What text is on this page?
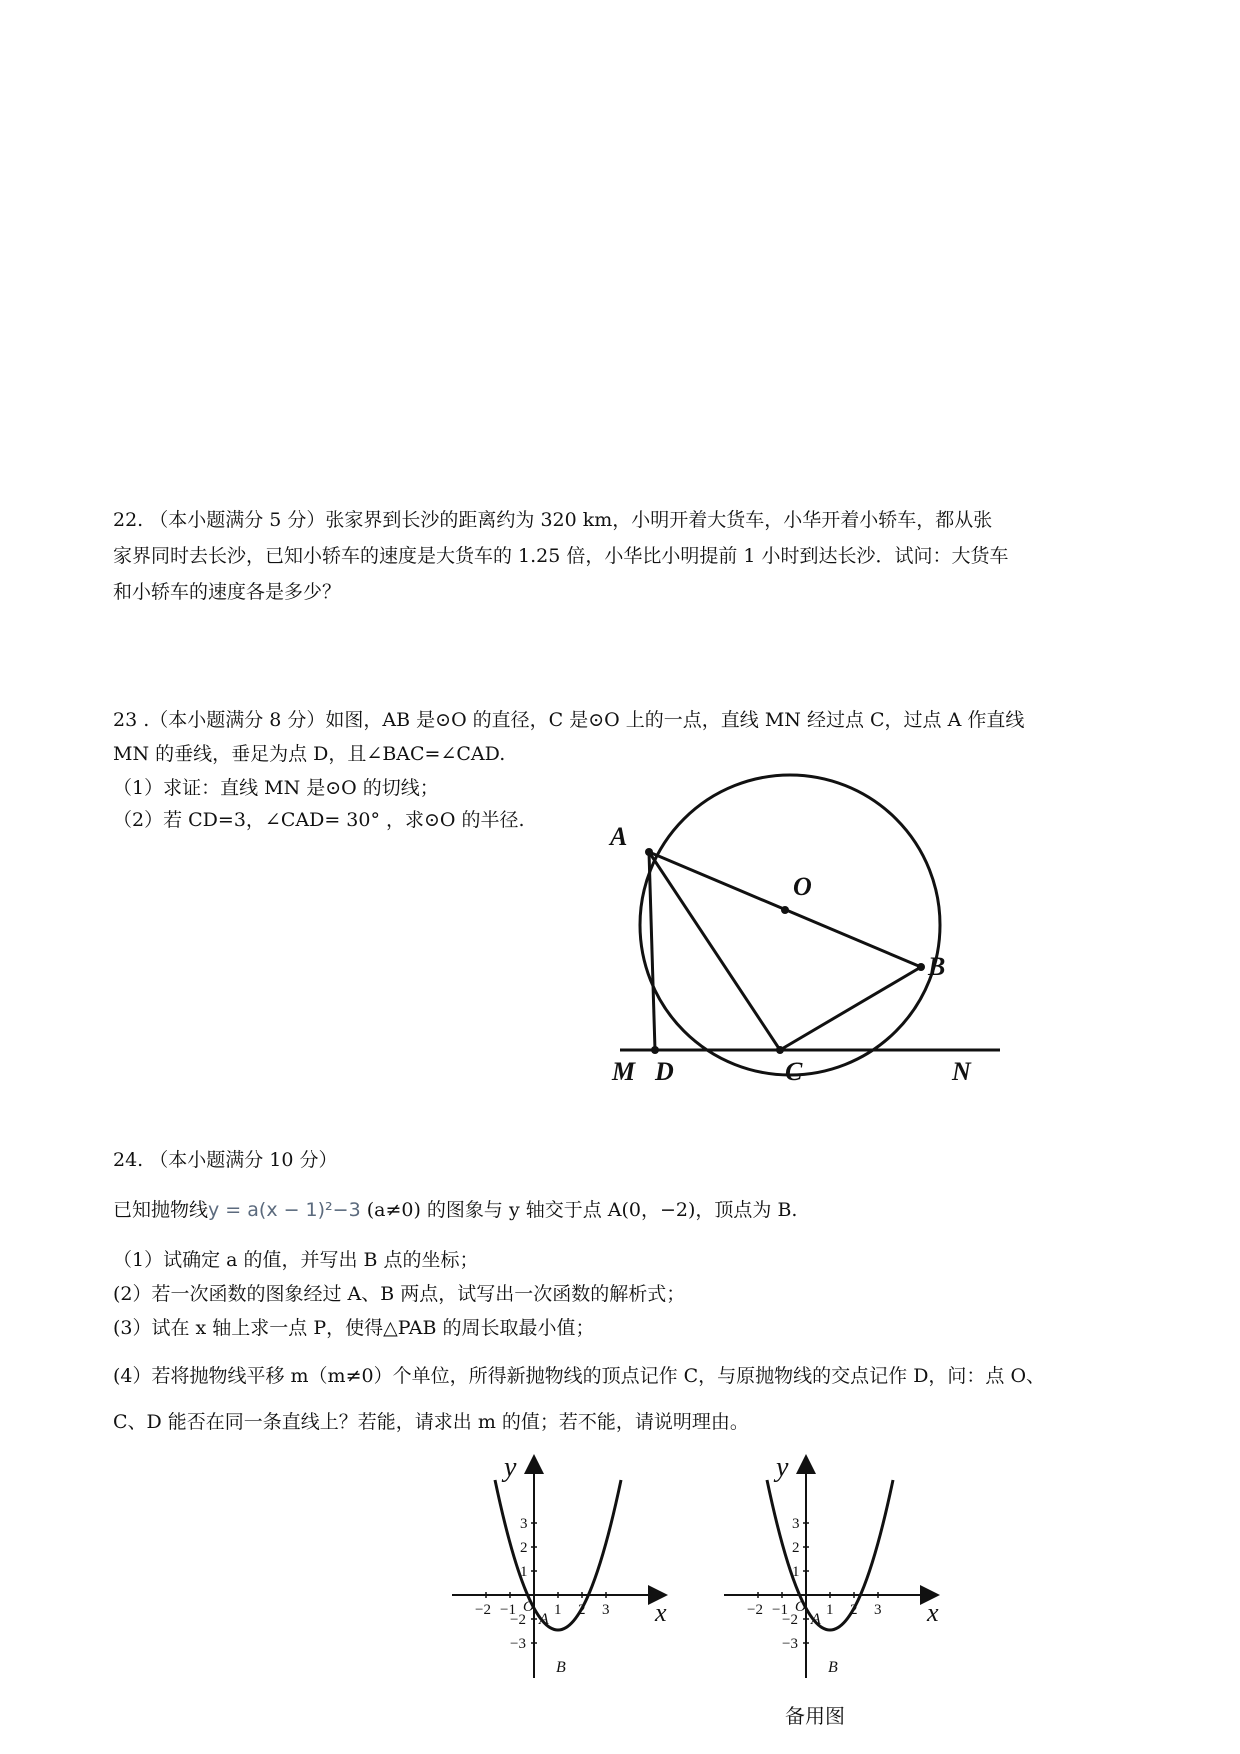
22. （本小题满分 5 分）张家界到长沙的距离约为 320 km，小明开着大货车，小华开着小轿车，都从张
家界同时去长沙，已知小轿车的速度是大货车的 1.25 倍，小华比小明提前 1 小时到达长沙．试问：大货车
和小轿车的速度各是多少？
23 .（本小题满分 8 分）如图，AB 是⊙O 的直径，C 是⊙O 上的一点，直线 MN 经过点 C，过点 A 作直线
MN 的垂线，垂足为点 D，且∠BAC=∠CAD.
（1）求证：直线 MN 是⊙O 的切线；
（2）若 CD=3，∠CAD= 30° ，求⊙O 的半径.
A
O
B
M D	C	N
24. （本小题满分 10 分）
已知抛物线y = a(x − 1)²−3 (a≠0) 的图象与 y 轴交于点 A(0，−2)，顶点为 B.
（1）试确定 a 的值，并写出 B 点的坐标；
(2）若一次函数的图象经过 A、B 两点，试写出一次函数的解析式；
(3）试在 x 轴上求一点 P，使得△PAB 的周长取最小值；
(4）若将抛物线平移 m（m≠0）个单位，所得新抛物线的顶点记作 C，与原抛物线的交点记作 D，问：点 O、
C、D 能否在同一条直线上？若能，请求出 m 的值；若不能，请说明理由。
−2 −1	1 2 3
3
2
1
−2
−3
O
y
x
A
B
−2 −1	1 2 3
3
2
1
−2
−3
O
y
x
A
B
备用图
